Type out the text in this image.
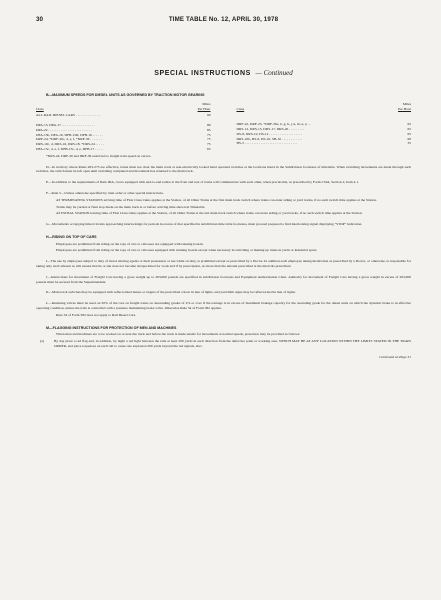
30	TIME TABLE No. 12, APRIL 30, 1978
SPECIAL INSTRUCTIONS — Continued
B—MAXIMUM SPEEDS FOR DIESEL UNITS AS GOVERNED BY TRACTION MOTOR GEARING
Class
Miles
Per Hour
ALL RAIL DIESEL CARS . . . . . . . . . . . . . .	90
DPA-15, DPA-17 . . . . . . . . . . . . . . . . . . .	89
DPA-22 . . . . . . . . . . . . . . . . . . . . . . . . .	85
DFA-15b, DFA-16, DFB-15R, DFB-16 . . . . . .	75
DRF-24, *DRF-30c, d, e, f, *DRF-36 . . . . . . .	75
DRS-10c, d, DRS-16, DRS-18, *DRS-24 . . . . .	75
DFA-15c, d, e, f, DFB-15c, d, e, DFB-17 . . . . .	65
Class
Miles
Per Hour
DRF-22, DRF-25, *DRF-30a, b, g, h, j, k, m, n, p . .	65
DRS-12, DRS-15, DRS-17, DRS-20 . . . . . . . . .	65
DS-8, DRS-10, DS-12 . . . . . . . . . . . . . . . . . . .	65
DRS-10b, DS-6, DS-10, SB-10 . . . . . . . . . . . .	60
HS-5 . . . . . . . . . . . . . . . . . . . . . . . . . . . . . .	35
*DRS-24, DRF-30 and DRF-36 restricted to freight train speed on curves.

D—In territory where Rules 263-275 are effective, trains must not clear the main track at non-electrically locked hand operated switches at the locations listed in the Subdivision footnotes of timetable. When switching movements are made through such switches, the switch must be left open until switching completed and movement has returned to the main track.

E—In addition to the requirements of Rule 90A, crews equipped with end-to-end radios at the front and rear of trains will communicate with each other, when practicable, as prescribed by Form CS44, Section 2, Item 4.1.

F—Rule 5—Unless otherwise specified by train order or other special instructions.

AT TERMINATING STATIONS arriving time of First Class trains applies at the Station, of all Other Trains at the first main track switch where trains can enter siding or yard tracks, if no such switch time applies at the Station.

Trains may be yarded or final stop made on the main track at or before arriving time shown in Timetable.

AT INITIAL STATION leaving time of First Class trains applies at the Station, of all Other Trains at the last main track switch where trains can leave siding or yard tracks, if no such switch time applies at the Station.

G—Movements occupying timed circuits approaching interlockings for periods in excess of that specified in subdivision time table footnotes, must proceed prepared to find interlocking signal displaying "STOP" indication.

H—RIDING ON TOP OF CARS

Employees are prohibited from riding on the tops of cars or cabooses not equipped with running boards.

Employees are prohibited from riding on the tops of cars or cabooses equipped with running boards except when necessary in switching or making up trains in yards or industrial spurs.

I—The use by employees subject to duty of mood altering agents or their possession or use while on duty, is prohibited except as prescribed by a Doctor. In addition each employee taking medication as prescribed by a Doctor, or otherwise, is responsible for taking only such amount as will ensure that he or she does not become incapacitated for work and if by prescription, no more than the amount prescribed at the intervals prescribed.

J—Instructions for movement of Freight Cars having a gross weight up to 263,000 pounds are specified in subdivision footnotes and Equipment Authorization Chart. Authority for movement of Freight Cars having a gross weight in excess of 263,000 pounds must be secured from the Superintendent.

K—Main track switches may be equipped with reflectorized lenses or targets of the prescribed colour in lieu of lights, and yard limit signs may be reflectorized in lieu of lights.

L—Retaining valves must be used on 50% of the cars on freight trains on descending grades of 2% or over if the tonnage is in excess of maximum brakage capacity for the ascending grade for the diesel units on which the dynamic brake is in effective operating condition, unless the train is controlled with a pressure maintaining brake valve. Otherwise Rule 34 of Form 582 applies.

Rule 34 of Form 582 does not apply to Rail Diesel Cars.

M—FLAGGING INSTRUCTIONS FOR PROTECTION OF MEN AND MACHINES

When men and machines are to be worked on or near the track and before the track is made unsafe for movements at normal speeds, protection may be provided as follows:

(a)	By day place a red flag and, in addition, by night a red light between the rails at least 200 yards in each direction from the defective point or working area, WHICH MAY BE AT ANY LOCATION WITHIN THE LIMITS STATED IN THE TRAIN ORDER, and place torpedoes on each rail to cause one explosion 200 yards beyond the red signals, also;
Continued on Page 31
